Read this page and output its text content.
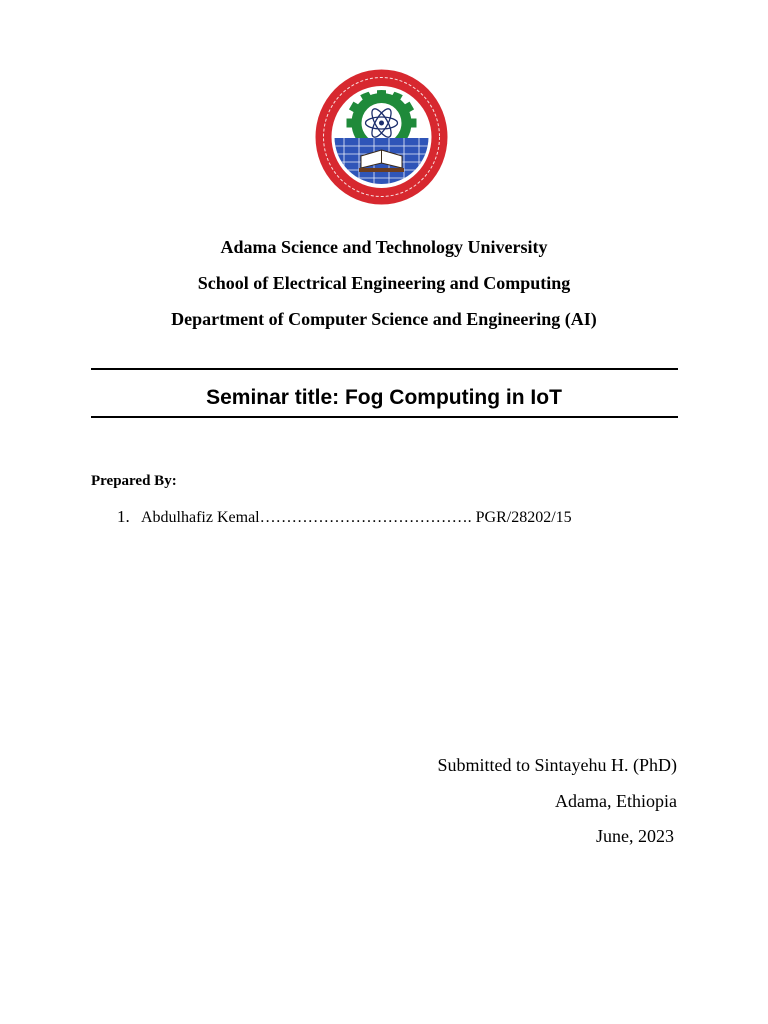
Adama Science and Technology University
School of Electrical Engineering and Computing
Department of Computer Science and Engineering (AI)
Seminar title: Fog Computing in IoT
Prepared By:
1. Abdulhafiz Kemal…………………………………. PGR/28202/15
Submitted to Sintayehu H. (PhD)
Adama, Ethiopia
June, 2023
